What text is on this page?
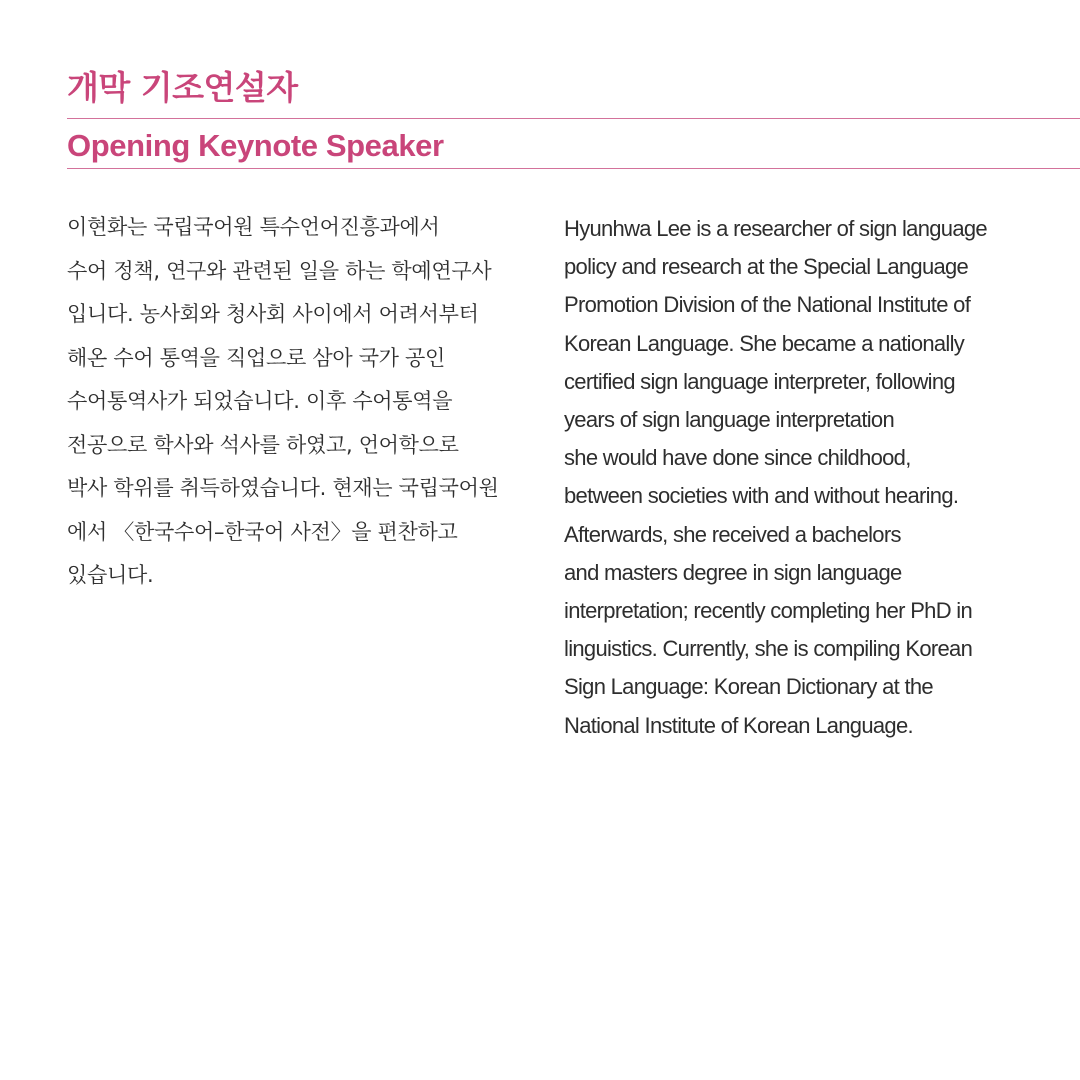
개막 기조연설자
Opening Keynote Speaker
이현화는 국립국어원 특수언어진흥과에서
수어 정책, 연구와 관련된 일을 하는 학예연구사
입니다. 농사회와 청사회 사이에서 어려서부터
해온 수어 통역을 직업으로 삼아 국가 공인
수어통역사가 되었습니다. 이후 수어통역을
전공으로 학사와 석사를 하였고, 언어학으로
박사 학위를 취득하였습니다. 현재는 국립국어원
에서 〈한국수어–한국어 사전〉을 편찬하고
있습니다.
Hyunhwa Lee is a researcher of sign language
policy and research at the Special Language
Promotion Division of the National Institute of
Korean Language. She became a nationally
certified sign language interpreter, following
years of sign language interpretation
she would have done since childhood,
between societies with and without hearing.
Afterwards, she received a bachelors
and masters degree in sign language
interpretation; recently completing her PhD in
linguistics. Currently, she is compiling Korean
Sign Language: Korean Dictionary at the
National Institute of Korean Language.
